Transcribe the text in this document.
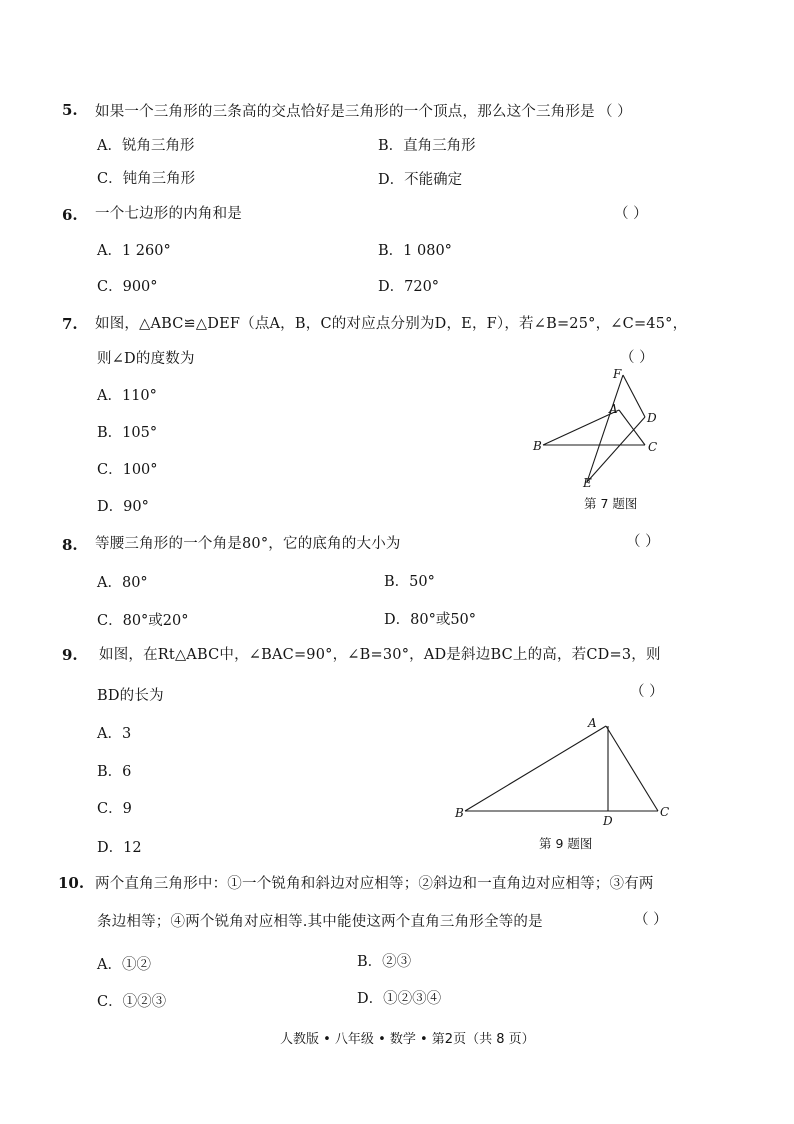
5. 如果一个三角形的三条高的交点恰好是三角形的一个顶点，那么这个三角形是 （ ）
A．锐角三角形	B．直角三角形
C．钝角三角形	D．不能确定
6. 一个七边形的内角和是	（ ）
A．1 260°	B．1 080°
C．900°	D．720°
7. 如图，△ABC≌△DEF（点A，B，C的对应点分别为D，E，F），若∠B=25°，∠C=45°，
则∠D的度数为	（ ）
A．110°
B．105°
C．100°
D．90°
F
A
D
B	C
E
第 7 题图
8. 等腰三角形的一个角是80°，它的底角的大小为	（ ）
A．80°	B．50°
C．80°或20°	D．80°或50°
9. 如图，在Rt△ABC中，∠BAC=90°，∠B=30°，AD是斜边BC上的高，若CD=3，则
BD的长为	（ ）
A．3
B．6
C．9
D．12
A
B
D
C
第 9 题图
10. 两个直角三角形中：①一个锐角和斜边对应相等；②斜边和一直角边对应相等；③有两
条边相等；④两个锐角对应相等.其中能使这两个直角三角形全等的是	（ ）
A．①②	B．②③
C．①②③	D．①②③④
人教版 • 八年级 • 数学 • 第2页（共 8 页）
